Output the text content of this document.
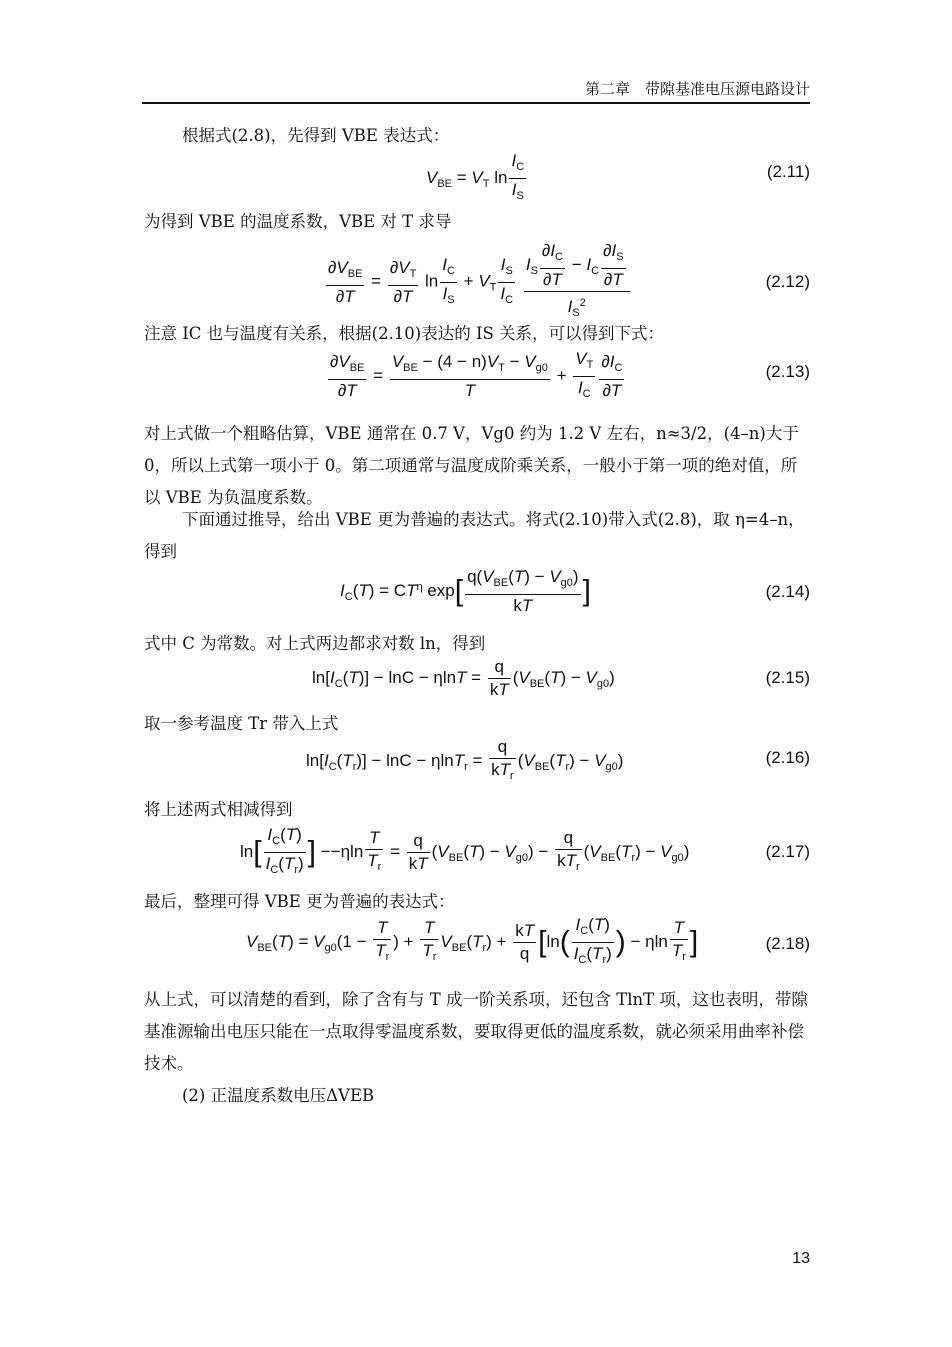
第二章　带隙基准电压源电路设计

根据式(2.8)，先得到 VBE 表达式：

$V_{BE} = V_T$ $\ln \frac{I_C}{I_S}$	(2.11)

为得到 VBE 的温度系数，VBE 对 T 求导

$\frac{\partial V_{BE}}{\partial T} = \frac{\partial V_T}{\partial T}$ $\ln \frac{I_C}{I_S} + V_T \frac{I_S}{I_C}$
$\frac{I_S \frac{\partial I_C}{\partial T} - I_C \frac{\partial I_S}{\partial T}}{I_S^2}$	(2.12)

注意 IC 也与温度有关系，根据(2.10)表达的 IS 关系，可以得到下式：

$\frac{\partial V_{BE}}{\partial T} = \frac{V_{BE} - (4 - n)V_T - V_{g0}}{T} + \frac{V_T}{I_C} \frac{\partial I_C}{\partial T}$	(2.13)

对上式做一个粗略估算，VBE 通常在 0.7 V，Vg0 约为 1.2 V 左右，n≈3/2，(4–n)大于 0，所以上式第一项小于 0。第二项通常与温度成阶乘关系，一般小于第一项的绝对值，所以 VBE 为负温度系数。

下面通过推导，给出 VBE 更为普遍的表达式。将式(2.10)带入式(2.8)，取 η=4–n，得到

$I_C(T) = CT^\eta$ $\exp[ \frac{q(V_{BE}(T) - V_{g0})}{kT}$ ]	(2.14)

式中 C 为常数。对上式两边都求对数 ln，得到

$\ln[I_C(T)] - \ln C - \eta\ln T = \frac{q}{kT} (V_{BE}(T) - V_{g0})$	(2.15)

取一参考温度 Tr 带入上式

$\ln[I_C(T_r)] - \ln C - \eta\ln T_r = \frac{q}{kT_r} (V_{BE}(T_r) - V_{g0})$	(2.16)

将上述两式相减得到

$\ln[ \frac{I_C(T)}{I_C(T_r)}$ ] $--\eta\ln \frac{T}{T_r} = \frac{q}{kT} (V_{BE}(T) - V_{g0}) - \frac{q}{kT_r} (V_{BE}(T_r) - V_{g0})$	(2.17)

最后，整理可得 VBE 更为普遍的表达式：

$V_{BE}(T) = V_{g0}(1 - \frac{T}{T_r}$ ) + $\frac{T}{T_r} V_{BE}(T_r) + \frac{kT}{q} [\ln( \frac{I_C(T)}{I_C(T_r)}$ ) − ηln $\frac{T}{T_r}$ ]	(2.18)

从上式，可以清楚的看到，除了含有与 T 成一阶关系项，还包含 TlnT 项，这也表明，带隙基准源输出电压只能在一点取得零温度系数，要取得更低的温度系数，就必须采用曲率补偿技术。

(2) 正温度系数电压ΔVEB

13
